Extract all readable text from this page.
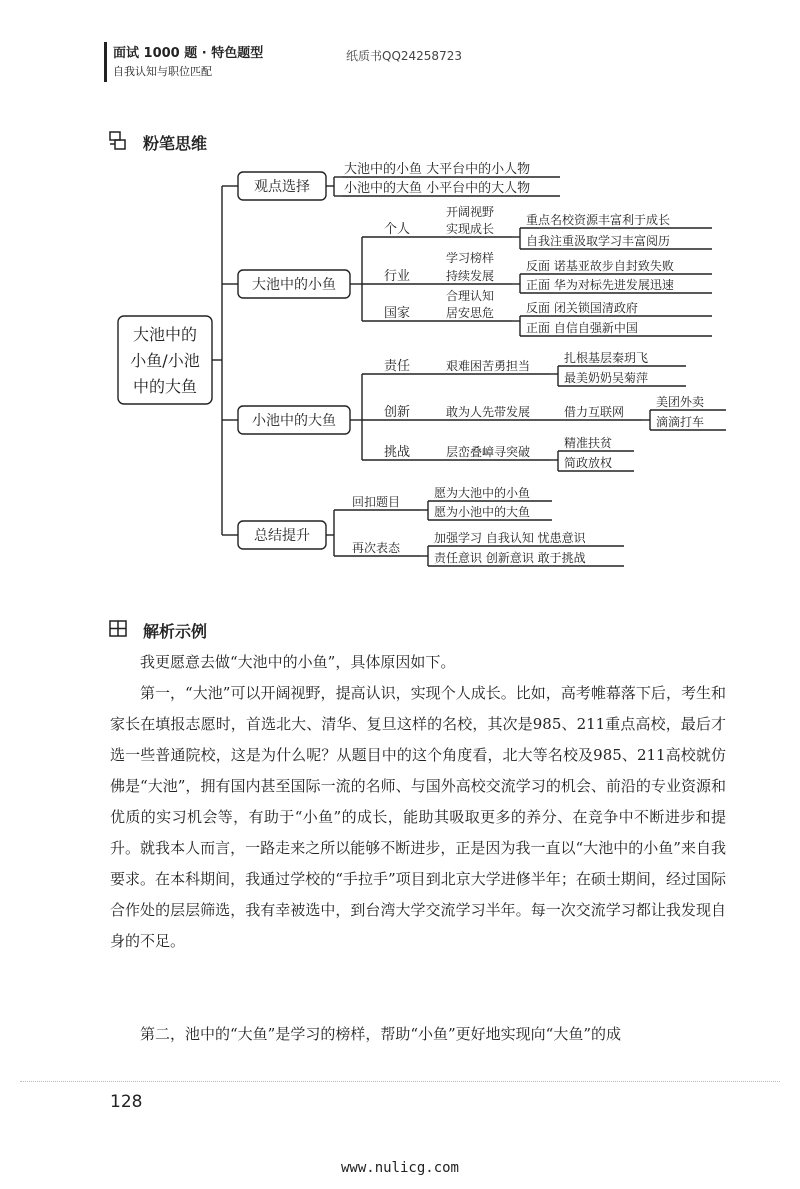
面试 1000 题 · 特色题型
自我认知与职位匹配
纸质书QQ24258723
粉笔思维
大池中的
小鱼/小池
中的大鱼
观点选择
大池中的小鱼
小池中的大鱼
总结提升
大池中的小鱼 大平台中的小人物
小池中的大鱼 小平台中的大人物
个人
开阔视野
实现成长
重点名校资源丰富利于成长
自我注重汲取学习丰富阅历
行业
学习榜样
持续发展
反面 诺基亚故步自封致失败
正面 华为对标先进发展迅速
国家
合理认知
居安思危	反面 闭关锁国清政府
正面 自信自强新中国
责任	艰难困苦勇担当
扎根基层秦玥飞
最美奶奶吴菊萍
创新	敢为人先带发展	借力互联网
美团外卖
滴滴打车
挑战	层峦叠嶂寻突破
精准扶贫
简政放权
回扣题目
愿为大池中的小鱼
愿为小池中的大鱼
再次表态
加强学习 自我认知 忧患意识
责任意识 创新意识 敢于挑战
解析示例

我更愿意去做“大池中的小鱼”，具体原因如下。

第一，“大池”可以开阔视野，提高认识，实现个人成长。比如，高考帷幕落下后，考生和家长在填报志愿时，首选北大、清华、复旦这样的名校，其次是985、211重点高校，最后才选一些普通院校，这是为什么呢？从题目中的这个角度看，北大等名校及985、211高校就仿佛是“大池”，拥有国内甚至国际一流的名师、与国外高校交流学习的机会、前沿的专业资源和优质的实习机会等，有助于“小鱼”的成长，能助其吸取更多的养分、在竞争中不断进步和提升。就我本人而言，一路走来之所以能够不断进步，正是因为我一直以“大池中的小鱼”来自我要求。在本科期间，我通过学校的“手拉手”项目到北京大学进修半年；在硕士期间，经过国际合作处的层层筛选，我有幸被选中，到台湾大学交流学习半年。每一次交流学习都让我发现自身的不足。

第二，池中的“大鱼”是学习的榜样，帮助“小鱼”更好地实现向“大鱼”的成

128
www.nulicg.com
